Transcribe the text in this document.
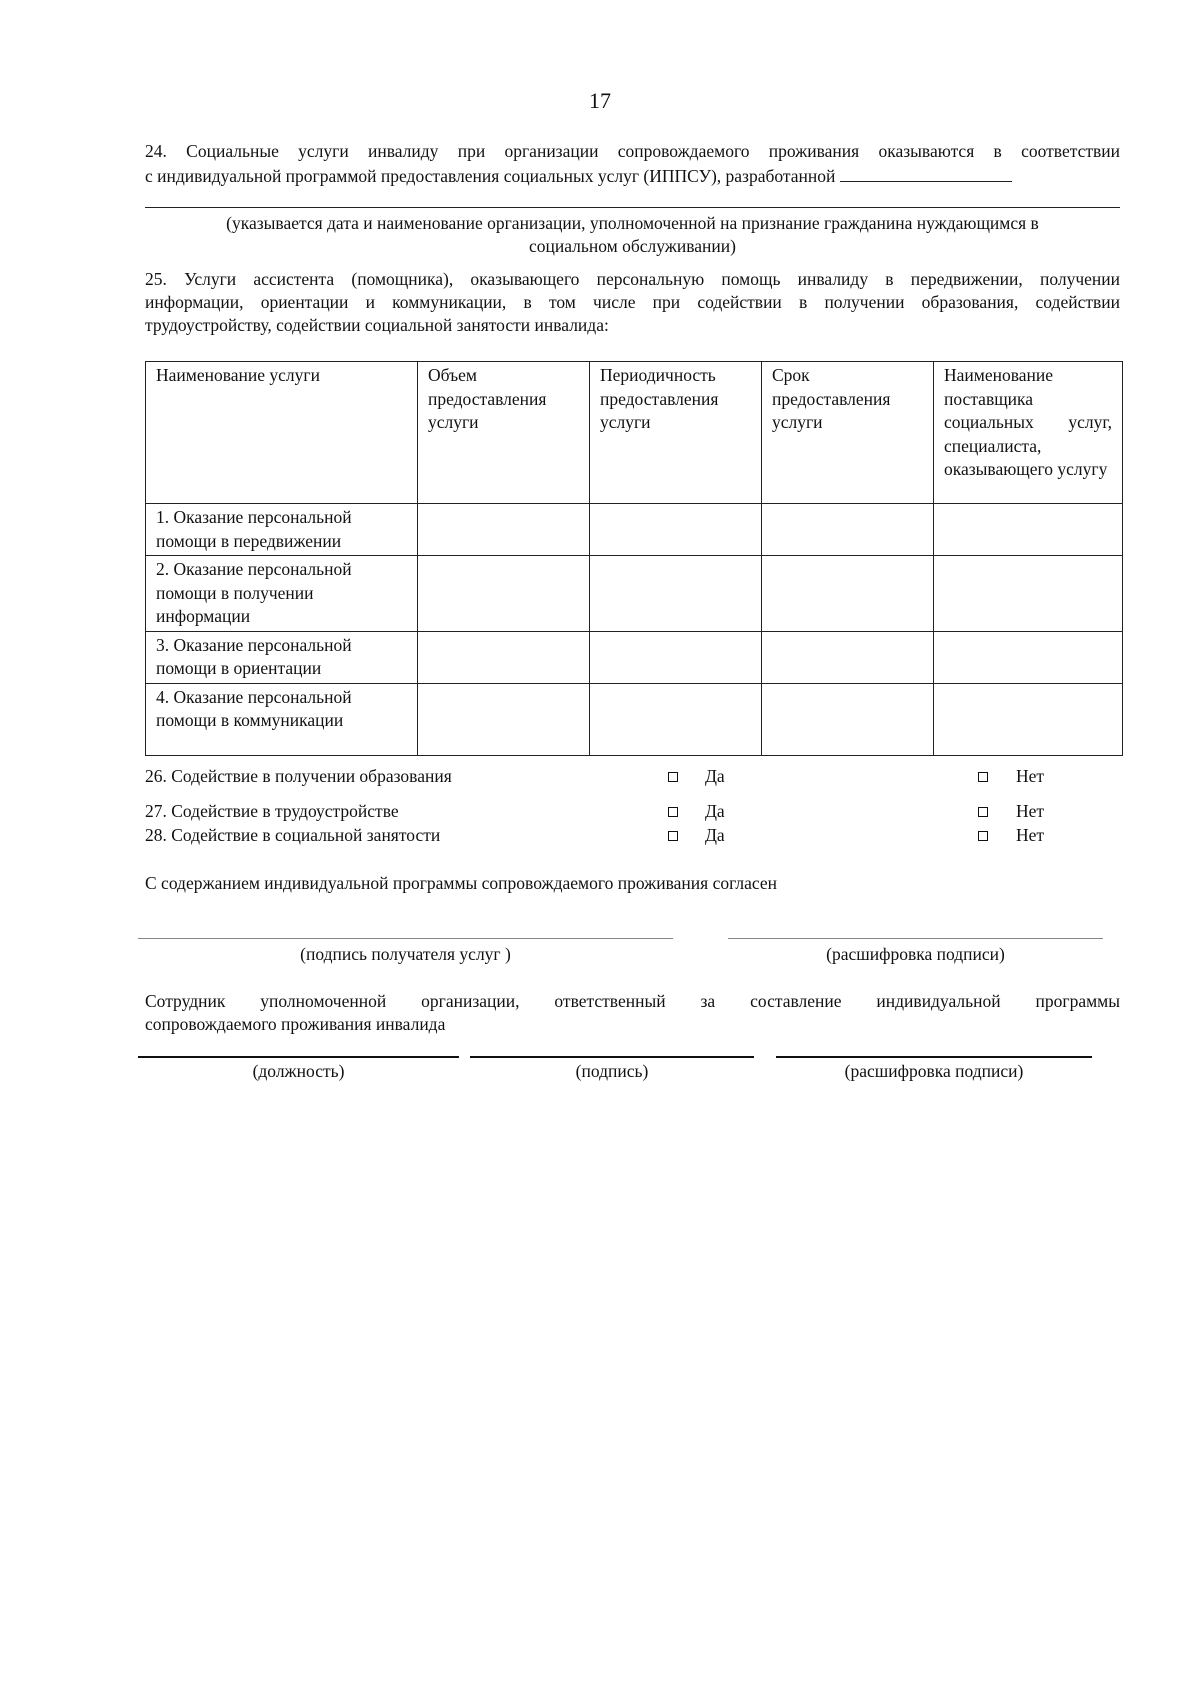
17
24. Социальные услуги инвалиду при организации сопровождаемого проживания оказываются в соответствии
с индивидуальной программой предоставления социальных услуг (ИППСУ), разработанной
(указывается дата и наименование организации, уполномоченной на признание гражданина нуждающимся в
социальном обслуживании)
25. Услуги ассистента (помощника), оказывающего персональную помощь инвалиду в передвижении, получении
информации, ориентации и коммуникации, в том числе при содействии в получении образования, содействии
трудоустройству, содействии социальной занятости инвалида:
Наименование услуги	Объем предоставления услуги	Периодичность предоставления услуги	Срок предоставления услуги	Наименование поставщика социальных услуг, специалиста, оказывающего услугу
1. Оказание персональной помощи в передвижении				
2. Оказание персональной помощи в получении информации				
3. Оказание персональной помощи в ориентации				
4. Оказание персональной помощи в коммуникации				
26. Содействие в получении образования	Да	Нет
27. Содействие в трудоустройстве	Да	Нет
28. Содействие в социальной занятости	Да	Нет
С содержанием индивидуальной программы сопровождаемого проживания согласен
(подпись получателя услуг )	(расшифровка подписи)
Сотрудник уполномоченной организации, ответственный за составление индивидуальной программы
сопровождаемого проживания инвалида
(должность)	(подпись)	(расшифровка подписи)
